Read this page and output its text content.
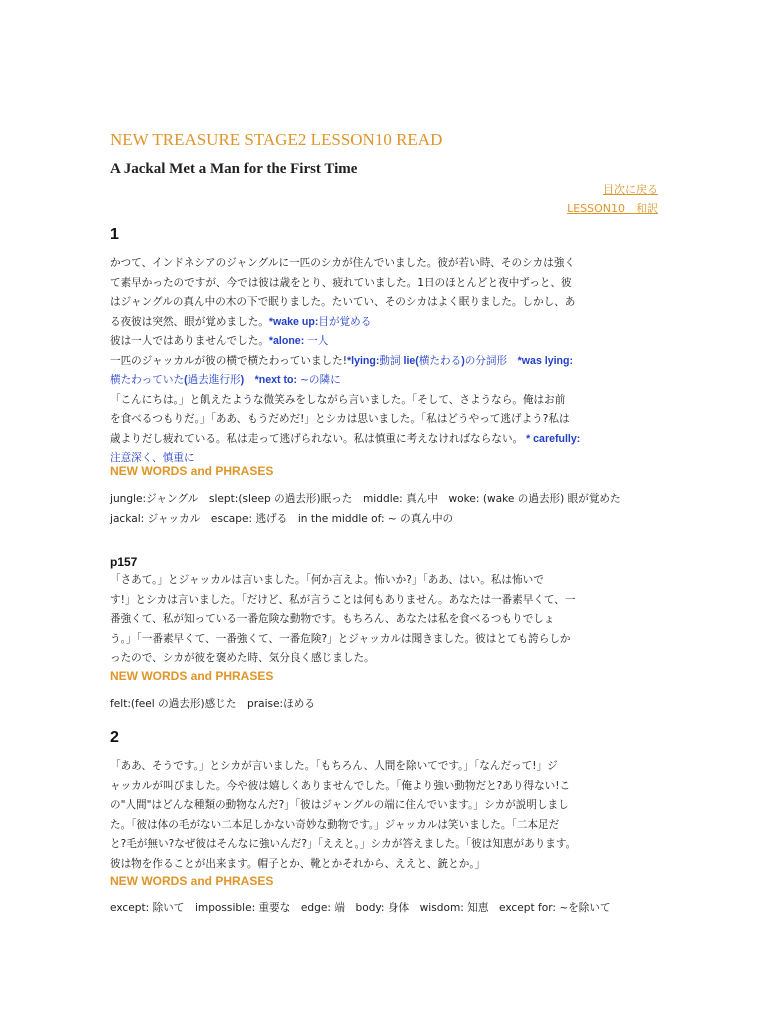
NEW TREASURE STAGE2 LESSON10 READ
A Jackal Met a Man for the First Time
目次に戻る
LESSON10　和訳
1
かつて、インドネシアのジャングルに一匹のシカが住んでいました。彼が若い時、そのシカは強く
て素早かったのですが、今では彼は歳をとり、疲れていました。1日のほとんどと夜中ずっと、彼
はジャングルの真ん中の木の下で眠りました。たいてい、そのシカはよく眠りました。しかし、あ
る夜彼は突然、眼が覚めました。*wake up:目が覚める
彼は一人ではありませんでした。*alone: 一人
一匹のジャッカルが彼の横で横たわっていました!*lying:動詞 lie(横たわる)の分詞形　*was lying:
横たわっていた(過去進行形)　*next to: ~の隣に
「こんにちは。」と飢えたような微笑みをしながら言いました。「そして、さようなら。俺はお前
を食べるつもりだ。」「ああ、もうだめだ!」とシカは思いました。「私はどうやって逃げよう?私は
歳よりだし疲れている。私は走って逃げられない。私は慎重に考えなければならない。 * carefully:
注意深く、慎重に
NEW WORDS and PHRASES
jungle:ジャングル　slept:(sleep の過去形)眠った　middle: 真ん中　woke: (wake の過去形) 眼が覚めた
jackal: ジャッカル　escape: 逃げる　in the middle of: ~ の真ん中の
p157
「さあて。」とジャッカルは言いました。「何か言えよ。怖いか?」「ああ、はい。私は怖いで
す!」とシカは言いました。「だけど、私が言うことは何もありません。あなたは一番素早くて、一
番強くて、私が知っている一番危険な動物です。もちろん、あなたは私を食べるつもりでしょ
う。」「一番素早くて、一番強くて、一番危険?」とジャッカルは聞きました。彼はとても誇らしか
ったので、シカが彼を褒めた時、気分良く感じました。
NEW WORDS and PHRASES
felt:(feel の過去形)感じた　praise:ほめる
2
「ああ、そうです。」とシカが言いました。「もちろん、人間を除いてです。」「なんだって!」ジ
ャッカルが叫びました。今や彼は嬉しくありませんでした。「俺より強い動物だと?あり得ない!こ
の"人間"はどんな種類の動物なんだ?」「彼はジャングルの端に住んでいます。」シカが説明しまし
た。「彼は体の毛がない二本足しかない奇妙な動物です。」ジャッカルは笑いました。「二本足だ
と?毛が無い?なぜ彼はそんなに強いんだ?」「ええと。」シカが答えました。「彼は知恵があります。
彼は物を作ることが出来ます。帽子とか、靴とかそれから、ええと、銃とか。」
NEW WORDS and PHRASES
except: 除いて　impossible: 重要な　edge: 端　body: 身体　wisdom: 知恵　except for: ~を除いて
